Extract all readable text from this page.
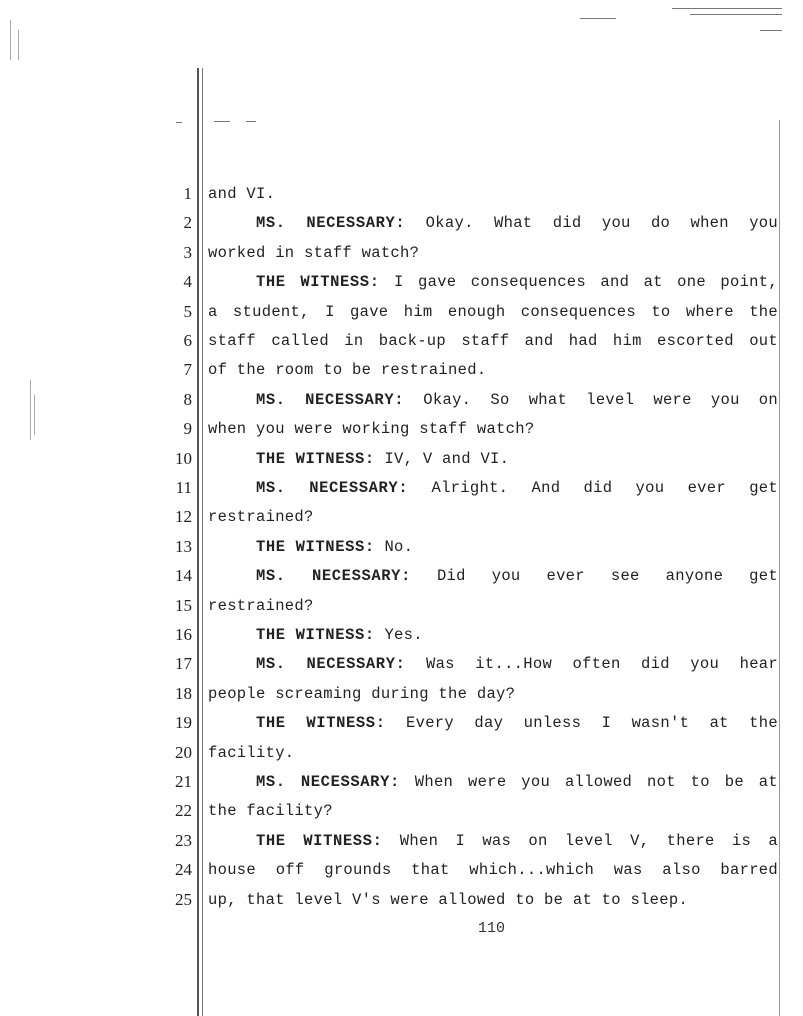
1 and VI.
2	MS. NECESSARY: Okay. What did you do when you
3 worked in staff watch?
4	THE WITNESS: I gave consequences and at one point,
5 a student, I gave him enough consequences to where the
6 staff called in back-up staff and had him escorted out
7 of the room to be restrained.
8	MS. NECESSARY: Okay. So what level were you on
9 when you were working staff watch?
10	THE WITNESS: IV, V and VI.
11	MS. NECESSARY: Alright. And did you ever get
12 restrained?
13	THE WITNESS: No.
14	MS. NECESSARY: Did you ever see anyone get
15 restrained?
16	THE WITNESS: Yes.
17	MS. NECESSARY: Was it...How often did you hear
18 people screaming during the day?
19	THE WITNESS: Every day unless I wasn't at the
20 facility.
21	MS. NECESSARY: When were you allowed not to be at
22 the facility?
23	THE WITNESS: When I was on level V, there is a
24 house off grounds that which...which was also barred
25 up, that level V's were allowed to be at to sleep.
110
